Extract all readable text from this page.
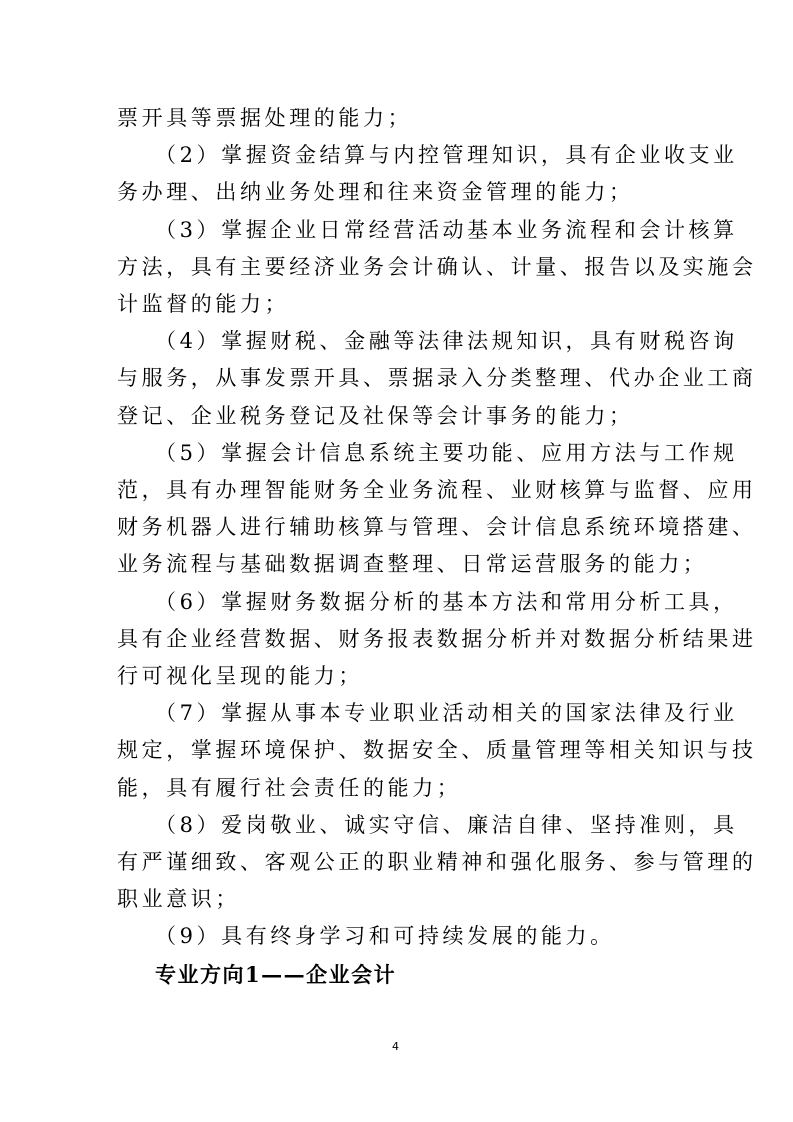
票开具等票据处理的能力；

（2）掌握资金结算与内控管理知识，具有企业收支业

务办理、出纳业务处理和往来资金管理的能力；

（3）掌握企业日常经营活动基本业务流程和会计核算

方法，具有主要经济业务会计确认、计量、报告以及实施会

计监督的能力；

（4）掌握财税、金融等法律法规知识，具有财税咨询

与服务，从事发票开具、票据录入分类整理、代办企业工商

登记、企业税务登记及社保等会计事务的能力；

（5）掌握会计信息系统主要功能、应用方法与工作规

范，具有办理智能财务全业务流程、业财核算与监督、应用

财务机器人进行辅助核算与管理、会计信息系统环境搭建、

业务流程与基础数据调查整理、日常运营服务的能力；

（6）掌握财务数据分析的基本方法和常用分析工具，

具有企业经营数据、财务报表数据分析并对数据分析结果进

行可视化呈现的能力；

（7）掌握从事本专业职业活动相关的国家法律及行业

规定，掌握环境保护、数据安全、质量管理等相关知识与技

能，具有履行社会责任的能力；

（8）爱岗敬业、诚实守信、廉洁自律、坚持准则，具

有严谨细致、客观公正的职业精神和强化服务、参与管理的

职业意识；

（9）具有终身学习和可持续发展的能力。

专业方向1——企业会计

4
